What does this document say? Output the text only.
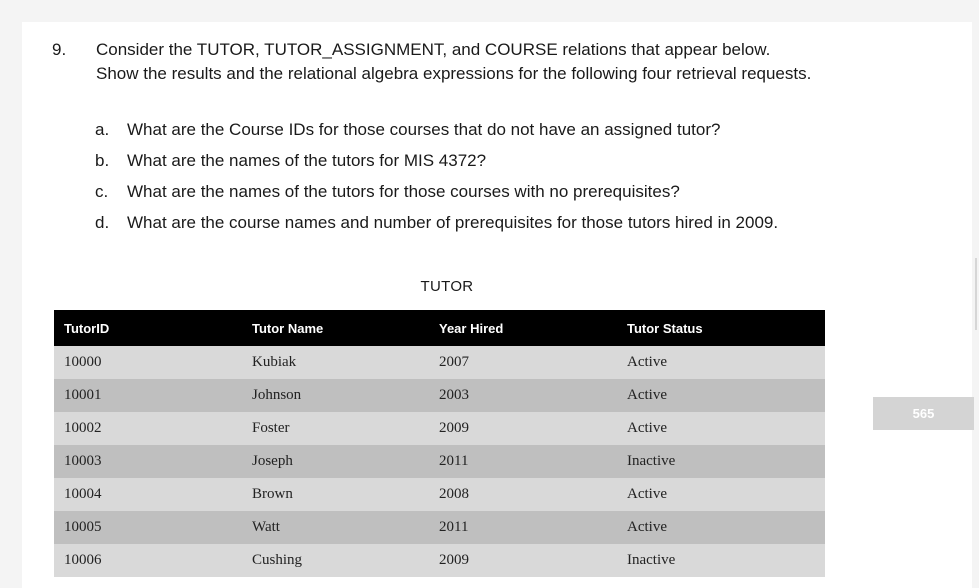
9. Consider the TUTOR, TUTOR_ASSIGNMENT, and COURSE relations that appear below. Show the results and the relational algebra expressions for the following four retrieval requests.
a. What are the Course IDs for those courses that do not have an assigned tutor?
b. What are the names of the tutors for MIS 4372?
c. What are the names of the tutors for those courses with no prerequisites?
d. What are the course names and number of prerequisites for those tutors hired in 2009.
TUTOR
TutorID	Tutor Name	Year Hired	Tutor Status
10000	Kubiak	2007	Active
10001	Johnson	2003	Active
10002	Foster	2009	Active
10003	Joseph	2011	Inactive
10004	Brown	2008	Active
10005	Watt	2011	Active
10006	Cushing	2009	Inactive
565
